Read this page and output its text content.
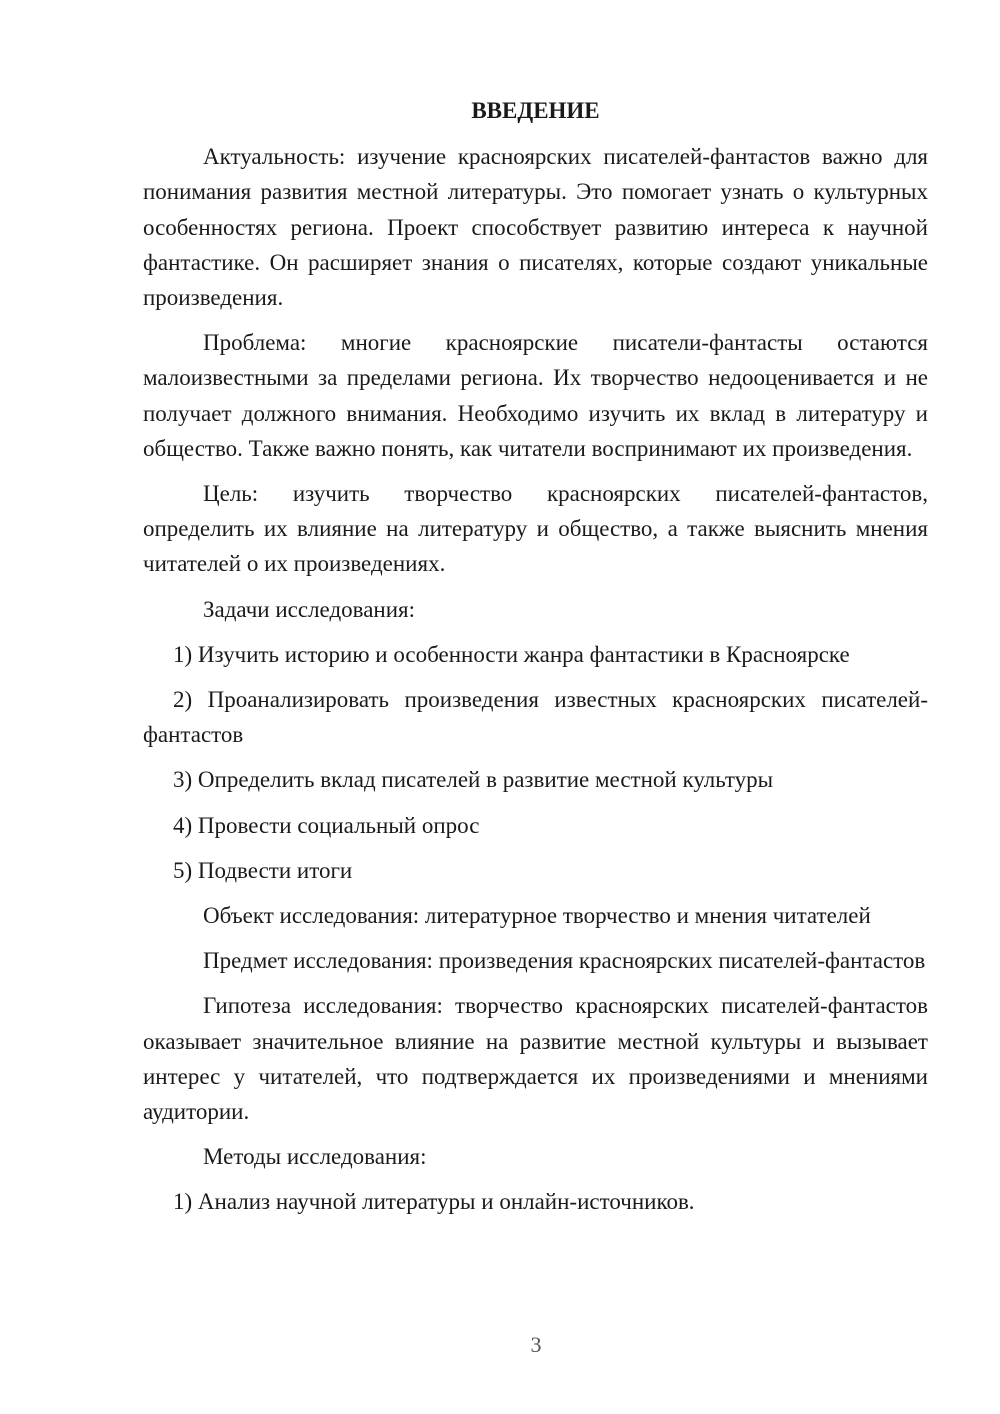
ВВЕДЕНИЕ

Актуальность: изучение красноярских писателей-фантастов важно для понимания развития местной литературы. Это помогает узнать о культурных особенностях региона. Проект способствует развитию интереса к научной фантастике. Он расширяет знания о писателях, которые создают уникальные произведения.

Проблема: многие красноярские писатели-фантасты остаются малоизвестными за пределами региона. Их творчество недооценивается и не получает должного внимания. Необходимо изучить их вклад в литературу и общество. Также важно понять, как читатели воспринимают их произведения.

Цель: изучить творчество красноярских писателей-фантастов, определить их влияние на литературу и общество, а также выяснить мнения читателей о их произведениях.

Задачи исследования:

1) Изучить историю и особенности жанра фантастики в Красноярске

2) Проанализировать произведения известных красноярских писателей-фантастов

3) Определить вклад писателей в развитие местной культуры

4) Провести социальный опрос

5) Подвести итоги

Объект исследования: литературное творчество и мнения читателей

Предмет исследования: произведения красноярских писателей-фантастов

Гипотеза исследования: творчество красноярских писателей-фантастов оказывает значительное влияние на развитие местной культуры и вызывает интерес у читателей, что подтверждается их произведениями и мнениями аудитории.

Методы исследования:

1) Анализ научной литературы и онлайн-источников.

3
